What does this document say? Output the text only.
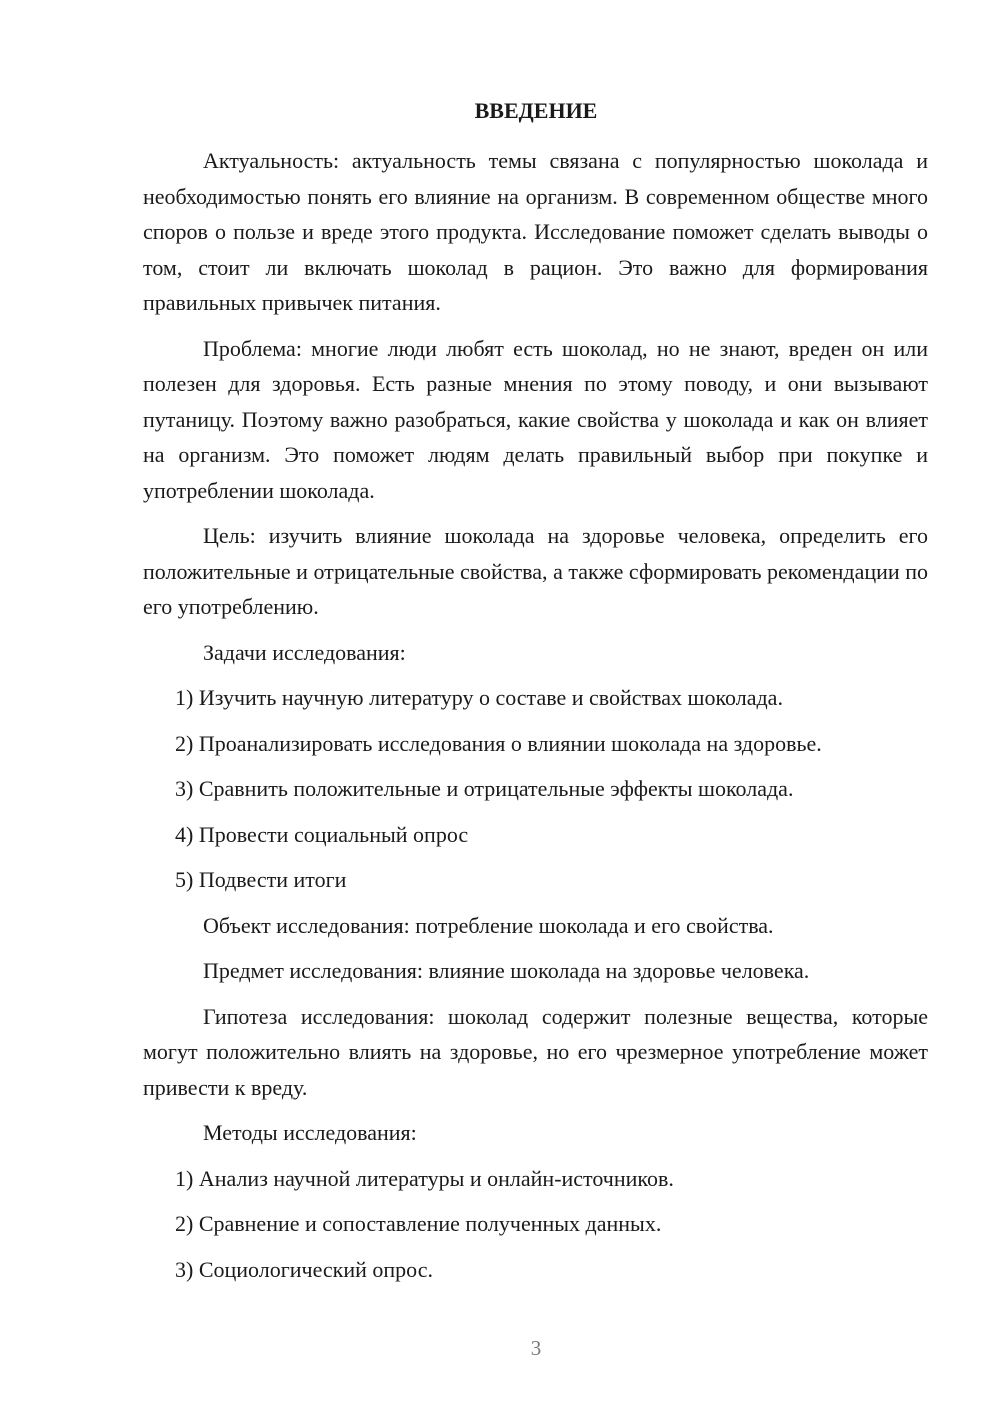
ВВЕДЕНИЕ

Актуальность: актуальность темы связана с популярностью шоколада и необходимостью понять его влияние на организм. В современном обществе много споров о пользе и вреде этого продукта. Исследование поможет сделать выводы о том, стоит ли включать шоколад в рацион. Это важно для формирования правильных привычек питания.

Проблема: многие люди любят есть шоколад, но не знают, вреден он или полезен для здоровья. Есть разные мнения по этому поводу, и они вызывают путаницу. Поэтому важно разобраться, какие свойства у шоколада и как он влияет на организм. Это поможет людям делать правильный выбор при покупке и употреблении шоколада.

Цель: изучить влияние шоколада на здоровье человека, определить его положительные и отрицательные свойства, а также сформировать рекомендации по его употреблению.

Задачи исследования:

1) Изучить научную литературу о составе и свойствах шоколада.

2) Проанализировать исследования о влиянии шоколада на здоровье.

3) Сравнить положительные и отрицательные эффекты шоколада.

4) Провести социальный опрос

5) Подвести итоги

Объект исследования: потребление шоколада и его свойства.

Предмет исследования: влияние шоколада на здоровье человека.

Гипотеза исследования: шоколад содержит полезные вещества, которые могут положительно влиять на здоровье, но его чрезмерное употребление может привести к вреду.

Методы исследования:

1) Анализ научной литературы и онлайн-источников.

2) Сравнение и сопоставление полученных данных.

3) Социологический опрос.

3
